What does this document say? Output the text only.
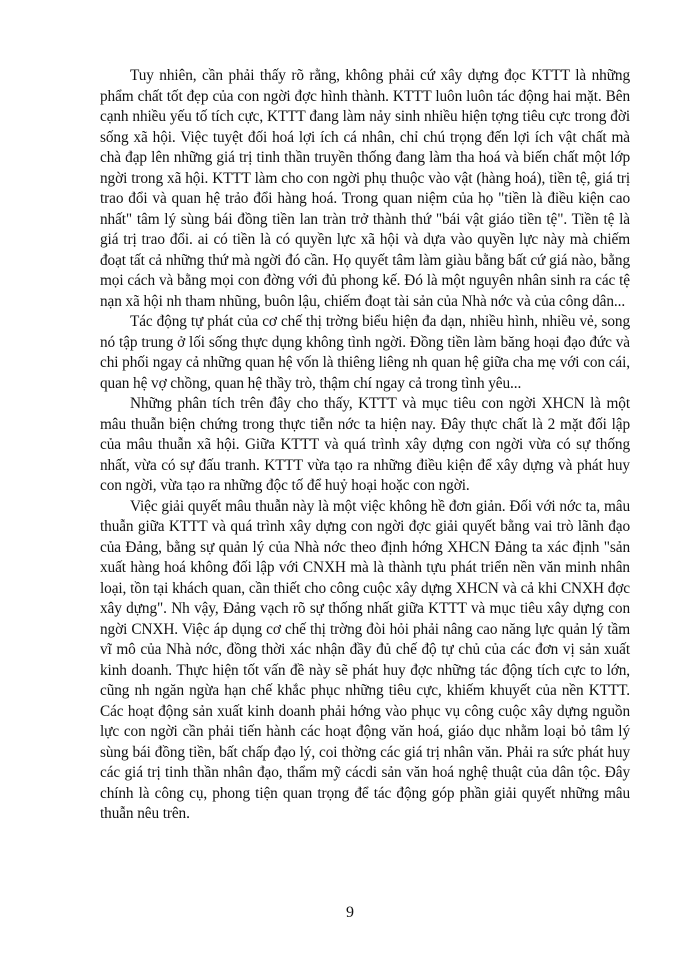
Tuy nhiên, cần phải thấy rõ rằng, không phải cứ xây dựng đọc KTTT là những phẩm chất tốt đẹp của con ngời đợc hình thành. KTTT luôn luôn tác động hai mặt. Bên cạnh nhiều yếu tố tích cực, KTTT đang làm nảy sinh nhiều hiện tợng tiêu cực trong đời sống xã hội. Việc tuyệt đối hoá lợi ích cá nhân, chỉ chú trọng đến lợi ích vật chất mà chà đạp lên những giá trị tinh thần truyền thống đang làm tha hoá và biến chất một lớp ngời trong xã hội. KTTT làm cho con ngời phụ thuộc vào vật (hàng hoá), tiền tệ, giá trị trao đổi và quan hệ trảo đổi hàng hoá. Trong quan niệm của họ "tiền là điều kiện cao nhất" tâm lý sùng bái đồng tiền lan tràn trở thành thứ "bái vật giáo tiền tệ". Tiền tệ là giá trị trao đổi. ai có tiền là có quyền lực xã hội và dựa vào quyền lực này mà chiếm đoạt tất cả những thứ mà ngời đó cần. Họ quyết tâm làm giàu bằng bất cứ giá nào, bằng mọi cách và bằng mọi con đờng với đủ phong kế. Đó là một nguyên nhân sinh ra các tệ nạn xã hội nh tham nhũng, buôn lậu, chiếm đoạt tài sản của Nhà nớc và của công dân...

Tác động tự phát của cơ chế thị trờng biểu hiện đa dạn, nhiều hình, nhiều vẻ, song nó tập trung ở lối sống thực dụng không tình ngời. Đồng tiền làm băng hoại đạo đức và chi phối ngay cả những quan hệ vốn là thiêng liêng nh quan hệ giữa cha mẹ với con cái, quan hệ vợ chồng, quan hệ thầy trò, thậm chí ngay cả trong tình yêu...

Những phân tích trên đây cho thấy, KTTT và mục tiêu con ngời XHCN là một mâu thuẫn biện chứng trong thực tiễn nớc ta hiện nay. Đây thực chất là 2 mặt đối lập của mâu thuẫn xã hội. Giữa KTTT và quá trình xây dựng con ngời vừa có sự thống nhất, vừa có sự đấu tranh. KTTT vừa tạo ra những điều kiện để xây dựng và phát huy con ngời, vừa tạo ra những độc tố để huỷ hoại hoặc con ngời.

Việc giải quyết mâu thuẫn này là một việc không hề đơn giản. Đối với nớc ta, mâu thuẫn giữa KTTT và quá trình xây dựng con ngời đợc giải quyết bằng vai trò lãnh đạo của Đảng, bằng sự quản lý của Nhà nớc theo định hớng XHCN Đảng ta xác định "sản xuất hàng hoá không đối lập với CNXH mà là thành tựu phát triển nền văn minh nhân loại, tồn tại khách quan, cần thiết cho công cuộc xây dựng XHCN và cả khi CNXH đợc xây dựng". Nh vậy, Đảng vạch rõ sự thống nhất giữa KTTT và mục tiêu xây dựng con ngời CNXH. Việc áp dụng cơ chế thị trờng đòi hỏi phải nâng cao năng lực quản lý tầm vĩ mô của Nhà nớc, đồng thời xác nhận đầy đủ chế độ tự chủ của các đơn vị sản xuất kinh doanh. Thực hiện tốt vấn đề này sẽ phát huy đợc những tác động tích cực to lớn, cũng nh ngăn ngừa hạn chế khắc phục những tiêu cực, khiếm khuyết của nền KTTT. Các hoạt động sản xuất kinh doanh phải hớng vào phục vụ công cuộc xây dựng nguồn lực con ngời cần phải tiến hành các hoạt động văn hoá, giáo dục nhằm loại bỏ tâm lý sùng bái đồng tiền, bất chấp đạo lý, coi thờng các giá trị nhân văn. Phải ra sức phát huy các giá trị tinh thần nhân đạo, thẩm mỹ cácdi sản văn hoá nghệ thuật của dân tộc. Đây chính là công cụ, phong tiện quan trọng để tác động góp phần giải quyết những mâu thuẫn nêu trên.

9
